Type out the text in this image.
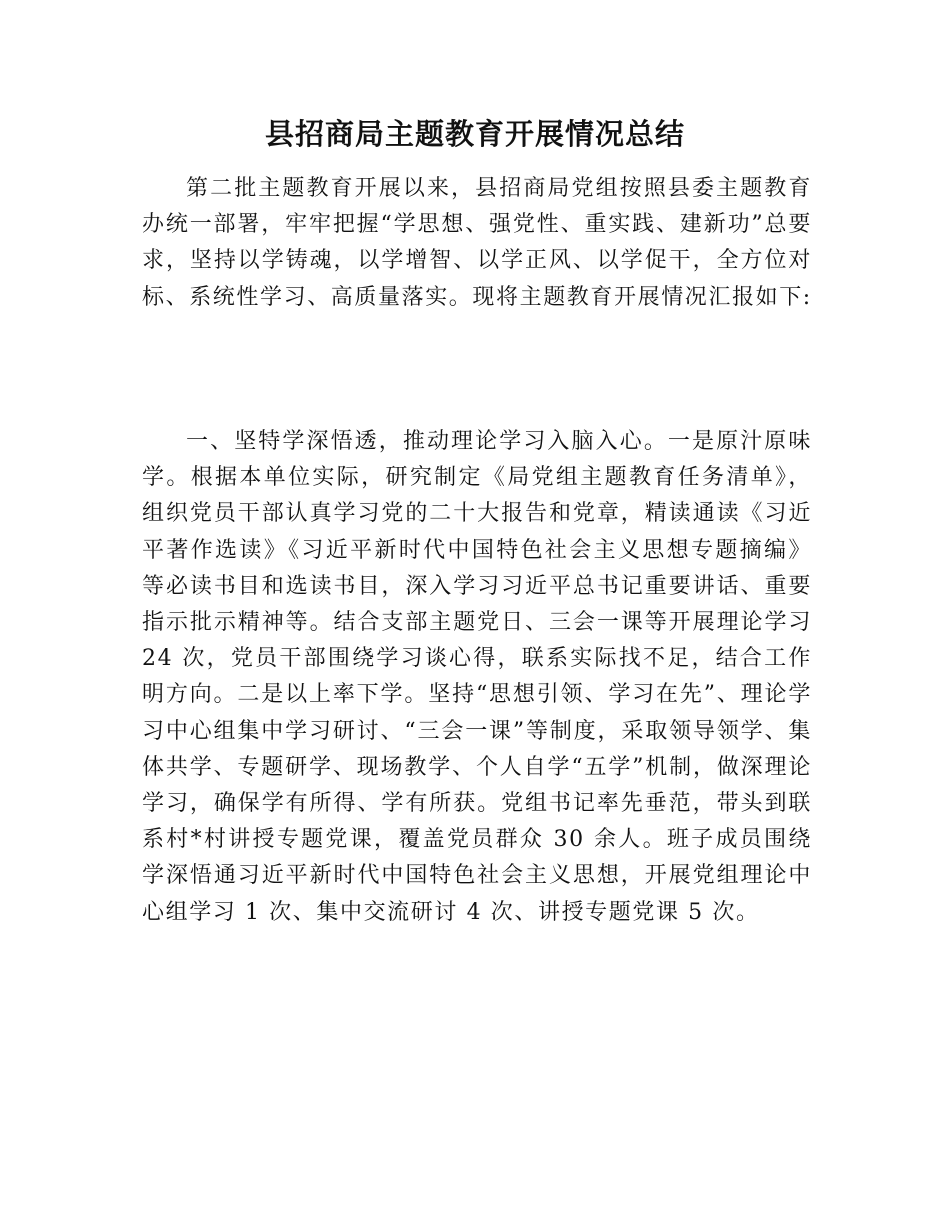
县招商局主题教育开展情况总结

第二批主题教育开展以来，县招商局党组按照县委主题教育办统一部署，牢牢把握“学思想、强党性、重实践、建新功”总要求，坚持以学铸魂，以学增智、以学正风、以学促干，全方位对标、系统性学习、高质量落实。现将主题教育开展情况汇报如下:

一、坚特学深悟透，推动理论学习入脑入心。一是原汁原味学。根据本单位实际，研究制定《局党组主题教育任务清单》，组织党员干部认真学习党的二十大报告和党章，精读通读《习近平著作选读》《习近平新时代中国特色社会主义思想专题摘编》等必读书目和选读书目，深入学习习近平总书记重要讲话、重要指示批示精神等。结合支部主题党日、三会一课等开展理论学习 24 次，党员干部围绕学习谈心得，联系实际找不足，结合工作明方向。二是以上率下学。坚持“思想引领、学习在先”、理论学习中心组集中学习研讨、“三会一课”等制度，采取领导领学、集体共学、专题研学、现场教学、个人自学“五学”机制，做深理论学习，确保学有所得、学有所获。党组书记率先垂范，带头到联系村*村讲授专题党课，覆盖党员群众 30 余人。班子成员围绕学深悟通习近平新时代中国特色社会主义思想，开展党组理论中心组学习 1 次、集中交流研讨 4 次、讲授专题党课 5 次。
